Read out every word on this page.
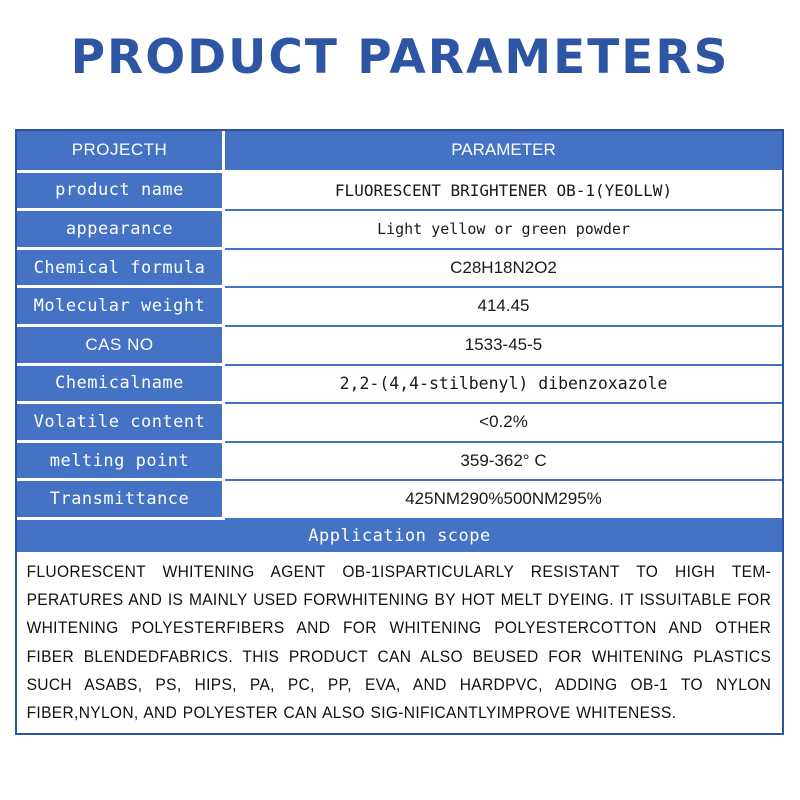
PRODUCT PARAMETERS
PROJECTH	PARAMETER
product name	FLUORESCENT BRIGHTENER OB-1(YEOLLW)
appearance	Light yellow or green powder
Chemical formula	C28H18N2O2
Molecular weight	414.45
CAS NO	1533-45-5
Chemicalname	2,2-(4,4-stilbenyl) dibenzoxazole
Volatile content	<0.2%
melting point	359-362° C
Transmittance	425NM290%500NM295%
Application scope
FLUORESCENT WHITENING AGENT OB-1ISPARTICULARLY RESISTANT TO HIGH TEM-PERATURES AND IS MAINLY USED FORWHITENING BY HOT MELT DYEING. IT ISSUITABLE FOR WHITENING POLYESTERFIBERS AND FOR WHITENING POLYESTERCOTTON AND OTHER FIBER BLENDEDFABRICS. THIS PRODUCT CAN ALSO BEUSED FOR WHITENING PLASTICS SUCH ASABS, PS, HIPS, PA, PC, PP, EVA, AND HARDPVC, ADDING OB-1 TO NYLON FIBER,NYLON, AND POLYESTER CAN ALSO SIG-NIFICANTLYIMPROVE WHITENESS.
